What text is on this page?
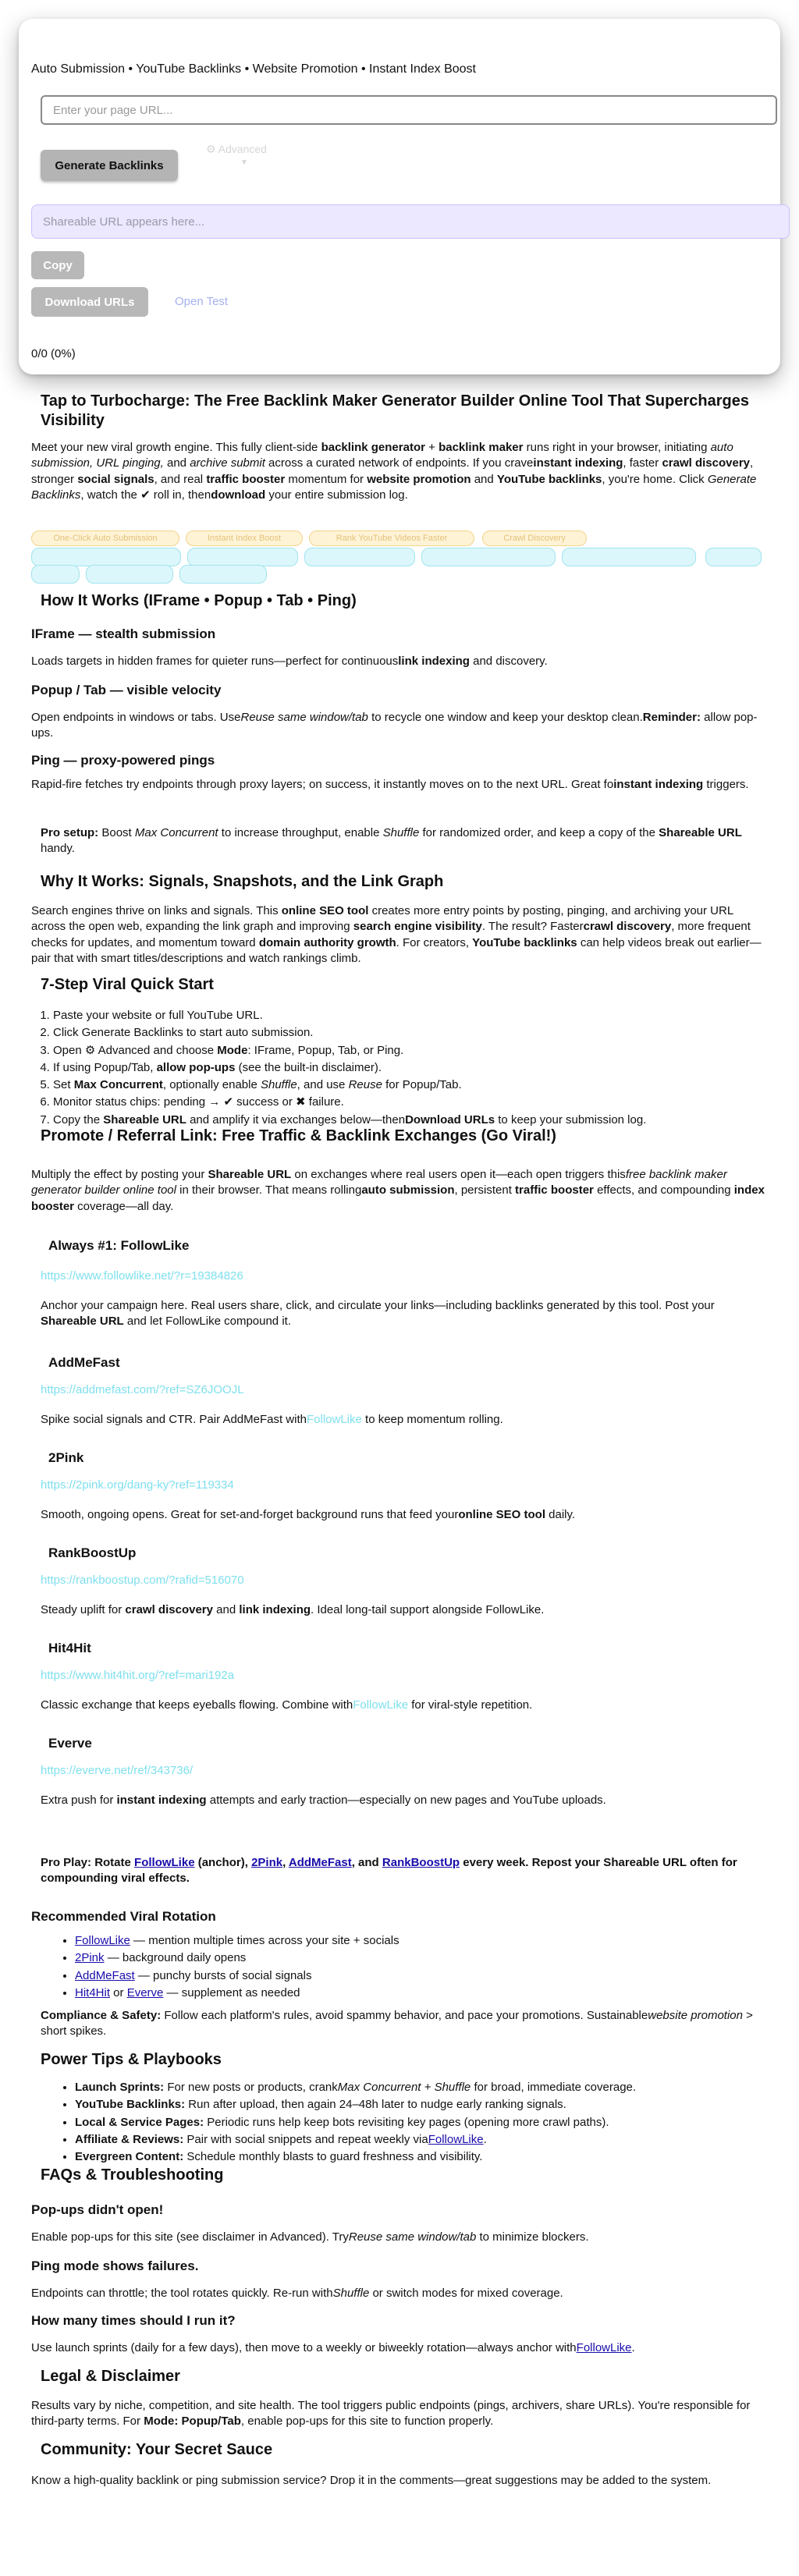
Auto Submission • YouTube Backlinks • Website Promotion • Instant Index Boost
Enter your page URL...
Generate Backlinks
⚙ Advanced
▼
Shareable URL appears here...
Copy
Download URLs	Open Test
0/0 (0%)
Tap to Turbocharge: The Free Backlink Maker Generator Builder Online Tool That Supercharges Visibility

Meet your new viral growth engine. This fully client-side backlink generator + backlink maker runs right in your browser, initiating auto submission, URL pinging, and archive submit across a curated network of endpoints. If you craveinstant indexing, faster crawl discovery, stronger social signals, and real traffic booster momentum for website promotion and YouTube backlinks, you're home. Click Generate Backlinks, watch the ✔ roll in, thendownload your entire submission log.

One-Click Auto Submission	Instant Index Boost	Rank YouTube Videos Faster	Crawl Discovery
How It Works (IFrame • Popup • Tab • Ping)
IFrame — stealth submission

Loads targets in hidden frames for quieter runs—perfect for continuouslink indexing and discovery.

Popup / Tab — visible velocity

Open endpoints in windows or tabs. UseReuse same window/tab to recycle one window and keep your desktop clean.Reminder: allow pop-ups.

Ping — proxy-powered pings

Rapid-fire fetches try endpoints through proxy layers; on success, it instantly moves on to the next URL. Great foinstant indexing triggers.

Pro setup: Boost Max Concurrent to increase throughput, enable Shuffle for randomized order, and keep a copy of the Shareable URL handy.

Why It Works: Signals, Snapshots, and the Link Graph

Search engines thrive on links and signals. This online SEO tool creates more entry points by posting, pinging, and archiving your URL across the open web, expanding the link graph and improving search engine visibility. The result? Fastercrawl discovery, more frequent checks for updates, and momentum toward domain authority growth. For creators, YouTube backlinks can help videos break out earlier—pair that with smart titles/descriptions and watch rankings climb.

7-Step Viral Quick Start
1. Paste your website or full YouTube URL.
2. Click Generate Backlinks to start auto submission.
3. Open ⚙ Advanced and choose Mode: IFrame, Popup, Tab, or Ping.
4. If using Popup/Tab, allow pop-ups (see the built-in disclaimer).
5. Set Max Concurrent, optionally enable Shuffle, and use Reuse for Popup/Tab.
6. Monitor status chips: pending → ✔ success or ✖ failure.
7. Copy the Shareable URL and amplify it via exchanges below—thenDownload URLs to keep your submission log.
Promote / Referral Link: Free Traffic & Backlink Exchanges (Go Viral!)

Multiply the effect by posting your Shareable URL on exchanges where real users open it—each open triggers thisfree backlink maker generator builder online tool in their browser. That means rollingauto submission, persistent traffic booster effects, and compounding index booster coverage—all day.

Always #1: FollowLike
https://www.followlike.net/?r=19384826

Anchor your campaign here. Real users share, click, and circulate your links—including backlinks generated by this tool. Post your Shareable URL and let FollowLike compound it.

AddMeFast
https://addmefast.com/?ref=SZ6JOOJL

Spike social signals and CTR. Pair AddMeFast withFollowLike to keep momentum rolling.

2Pink
https://2pink.org/dang-ky?ref=119334

Smooth, ongoing opens. Great for set-and-forget background runs that feed youronline SEO tool daily.

RankBoostUp
https://rankboostup.com/?rafid=516070

Steady uplift for crawl discovery and link indexing. Ideal long-tail support alongside FollowLike.

Hit4Hit
https://www.hit4hit.org/?ref=mari192a

Classic exchange that keeps eyeballs flowing. Combine withFollowLike for viral-style repetition.

Everve
https://everve.net/ref/343736/

Extra push for instant indexing attempts and early traction—especially on new pages and YouTube uploads.

Pro Play: Rotate FollowLike (anchor), 2Pink, AddMeFast, and RankBoostUp every week. Repost your Shareable URL often for compounding viral effects.

Recommended Viral Rotation
• FollowLike — mention multiple times across your site + socials
• 2Pink — background daily opens
• AddMeFast — punchy bursts of social signals
• Hit4Hit or Everve — supplement as needed

Compliance & Safety: Follow each platform's rules, avoid spammy behavior, and pace your promotions. Sustainablewebsite promotion > short spikes.

Power Tips & Playbooks
• Launch Sprints: For new posts or products, crankMax Concurrent + Shuffle for broad, immediate coverage.
• YouTube Backlinks: Run after upload, then again 24–48h later to nudge early ranking signals.
• Local & Service Pages: Periodic runs help keep bots revisiting key pages (opening more crawl paths).
• Affiliate & Reviews: Pair with social snippets and repeat weekly viaFollowLike.
• Evergreen Content: Schedule monthly blasts to guard freshness and visibility.
FAQs & Troubleshooting
Pop-ups didn't open!

Enable pop-ups for this site (see disclaimer in Advanced). TryReuse same window/tab to minimize blockers.

Ping mode shows failures.

Endpoints can throttle; the tool rotates quickly. Re-run withShuffle or switch modes for mixed coverage.

How many times should I run it?

Use launch sprints (daily for a few days), then move to a weekly or biweekly rotation—always anchor withFollowLike.

Legal & Disclaimer

Results vary by niche, competition, and site health. The tool triggers public endpoints (pings, archivers, share URLs). You're responsible for third-party terms. For Mode: Popup/Tab, enable pop-ups for this site to function properly.

Community: Your Secret Sauce

Know a high-quality backlink or ping submission service? Drop it in the comments—great suggestions may be added to the system.
